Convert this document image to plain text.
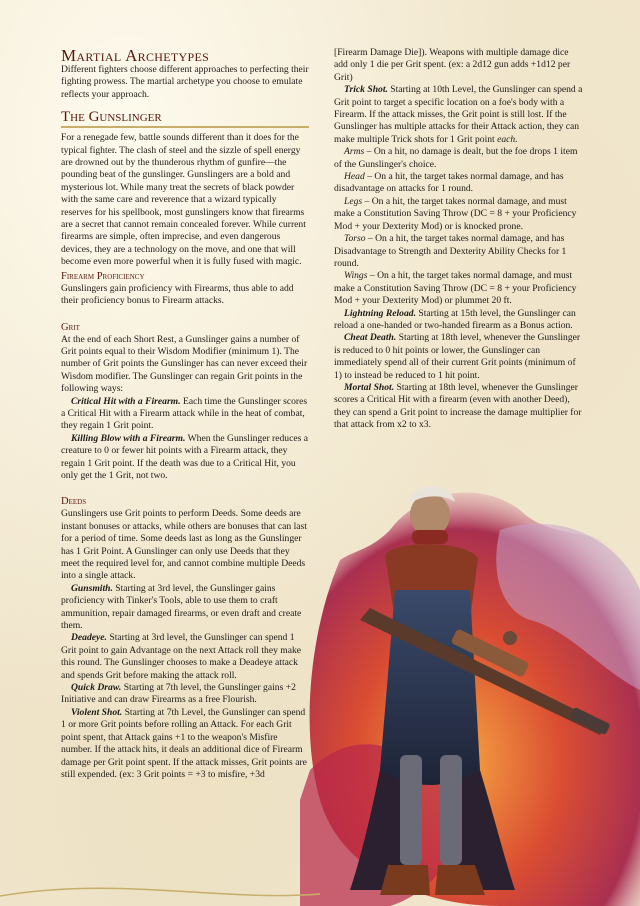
Martial Archetypes

Different fighters choose different approaches to perfecting their fighting prowess. The martial archetype you choose to emulate reflects your approach.

The Gunslinger

For a renegade few, battle sounds different than it does for the typical fighter. The clash of steel and the sizzle of spell energy are drowned out by the thunderous rhythm of gunfire—the pounding beat of the gunslinger. Gunslingers are a bold and mysterious lot. While many treat the secrets of black powder with the same care and reverence that a wizard typically reserves for his spellbook, most gunslingers know that firearms are a secret that cannot remain concealed forever. While current firearms are simple, often imprecise, and even dangerous devices, they are a technology on the move, and one that will become even more powerful when it is fully fused with magic.

Firearm Proficiency

Gunslingers gain proficiency with Firearms, thus able to add their proficiency bonus to Firearm attacks.

Grit

At the end of each Short Rest, a Gunslinger gains a number of Grit points equal to their Wisdom Modifier (minimum 1). The number of Grit points the Gunslinger has can never exceed their Wisdom modifier. The Gunslinger can regain Grit points in the following ways:

Critical Hit with a Firearm. Each time the Gunslinger scores a Critical Hit with a Firearm attack while in the heat of combat, they regain 1 Grit point.

Killing Blow with a Firearm. When the Gunslinger reduces a creature to 0 or fewer hit points with a Firearm attack, they regain 1 Grit point. If the death was due to a Critical Hit, you only get the 1 Grit, not two.

Deeds

Gunslingers use Grit points to perform Deeds. Some deeds are instant bonuses or attacks, while others are bonuses that can last for a period of time. Some deeds last as long as the Gunslinger has 1 Grit Point. A Gunslinger can only use Deeds that they meet the required level for, and cannot combine multiple Deeds into a single attack.

Gunsmith. Starting at 3rd level, the Gunslinger gains proficiency with Tinker's Tools, able to use them to craft ammunition, repair damaged firearms, or even draft and create them.

Deadeye. Starting at 3rd level, the Gunslinger can spend 1 Grit point to gain Advantage on the next Attack roll they make this round. The Gunslinger chooses to make a Deadeye attack and spends Grit before making the attack roll.

Quick Draw. Starting at 7th level, the Gunslinger gains +2 Initiative and can draw Firearms as a free Flourish.

Violent Shot. Starting at 7th Level, the Gunslinger can spend 1 or more Grit points before rolling an Attack. For each Grit point spent, that Attack gains +1 to the weapon's Misfire number. If the attack hits, it deals an additional dice of Firearm damage per Grit point spent. If the attack misses, Grit points are still expended. (ex: 3 Grit points = +3 to misfire, +3d

[Firearm Damage Die]). Weapons with multiple damage dice add only 1 die per Grit spent. (ex: a 2d12 gun adds +1d12 per Grit)

Trick Shot. Starting at 10th Level, the Gunslinger can spend a Grit point to target a specific location on a foe's body with a Firearm. If the attack misses, the Grit point is still lost. If the Gunslinger has multiple attacks for their Attack action, they can make multiple Trick shots for 1 Grit point each.

Arms – On a hit, no damage is dealt, but the foe drops 1 item of the Gunslinger's choice.

Head – On a hit, the target takes normal damage, and has disadvantage on attacks for 1 round.

Legs – On a hit, the target takes normal damage, and must make a Constitution Saving Throw (DC = 8 + your Proficiency Mod + your Dexterity Mod) or is knocked prone.

Torso – On a hit, the target takes normal damage, and has Disadvantage to Strength and Dexterity Ability Checks for 1 round.

Wings – On a hit, the target takes normal damage, and must make a Constitution Saving Throw (DC = 8 + your Proficiency Mod + your Dexterity Mod) or plummet 20 ft.

Lightning Reload. Starting at 15th level, the Gunslinger can reload a one-handed or two-handed firearm as a Bonus action.

Cheat Death. Starting at 18th level, whenever the Gunslinger is reduced to 0 hit points or lower, the Gunslinger can immediately spend all of their current Grit points (minimum of 1) to instead be reduced to 1 hit point.

Mortal Shot. Starting at 18th level, whenever the Gunslinger scores a Critical Hit with a firearm (even with another Deed), they can spend a Grit point to increase the damage multiplier for that attack from x2 to x3.
